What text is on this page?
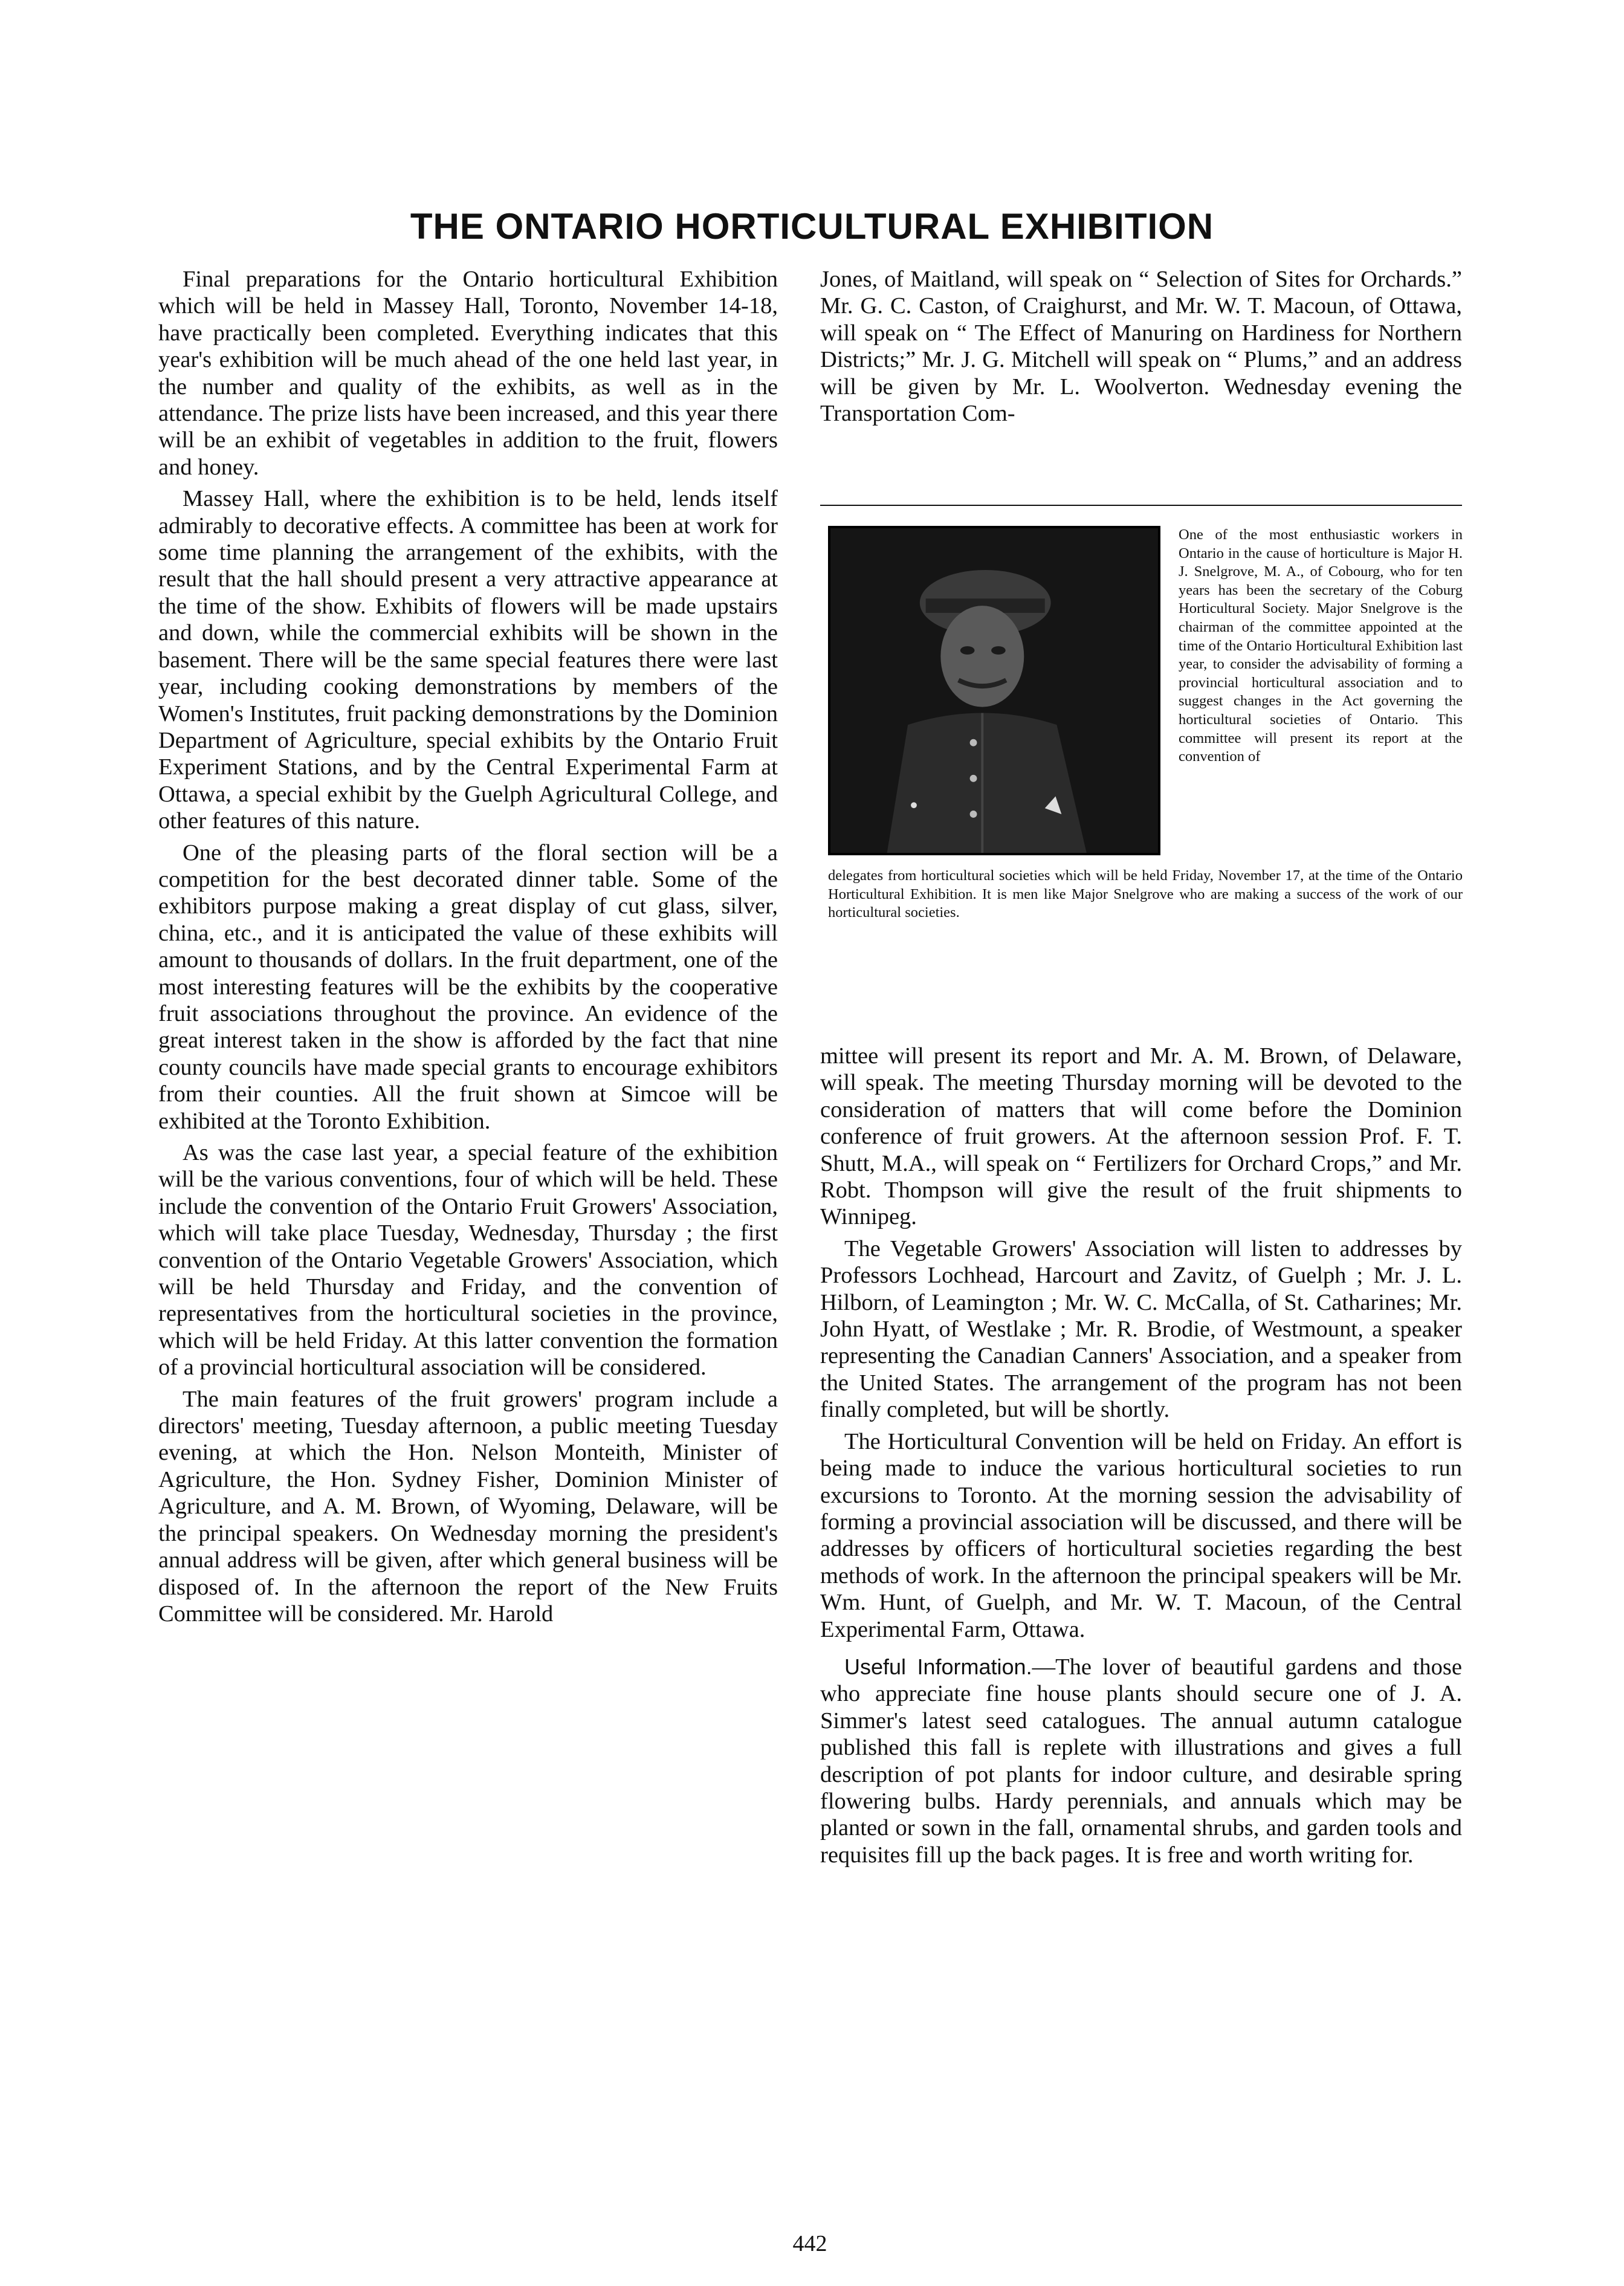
THE ONTARIO HORTICULTURAL EXHIBITION

Final preparations for the Ontario horticultural Exhibition which will be held in Massey Hall, Toronto, November 14-18, have practically been completed. Everything indicates that this year's exhibition will be much ahead of the one held last year, in the number and quality of the exhibits, as well as in the attendance. The prize lists have been increased, and this year there will be an exhibit of vegetables in addition to the fruit, flowers and honey.

Massey Hall, where the exhibition is to be held, lends itself admirably to decorative effects. A committee has been at work for some time planning the arrangement of the exhibits, with the result that the hall should present a very attractive appearance at the time of the show. Exhibits of flowers will be made upstairs and down, while the commercial exhibits will be shown in the basement. There will be the same special features there were last year, including cooking demonstrations by members of the Women's Institutes, fruit packing demonstrations by the Dominion Department of Agriculture, special exhibits by the Ontario Fruit Experiment Stations, and by the Central Experimental Farm at Ottawa, a special exhibit by the Guelph Agricultural College, and other features of this nature.

One of the pleasing parts of the floral section will be a competition for the best decorated dinner table. Some of the exhibitors purpose making a great display of cut glass, silver, china, etc., and it is anticipated the value of these exhibits will amount to thousands of dollars. In the fruit department, one of the most interesting features will be the exhibits by the cooperative fruit associations throughout the province. An evidence of the great interest taken in the show is afforded by the fact that nine county councils have made special grants to encourage exhibitors from their counties. All the fruit shown at Simcoe will be exhibited at the Toronto Exhibition.

As was the case last year, a special feature of the exhibition will be the various conventions, four of which will be held. These include the convention of the Ontario Fruit Growers' Association, which will take place Tuesday, Wednesday, Thursday ; the first convention of the Ontario Vegetable Growers' Association, which will be held Thursday and Friday, and the convention of representatives from the horticultural societies in the province, which will be held Friday. At this latter convention the formation of a provincial horticultural association will be considered.

The main features of the fruit growers' program include a directors' meeting, Tuesday afternoon, a public meeting Tuesday evening, at which the Hon. Nelson Monteith, Minister of Agriculture, the Hon. Sydney Fisher, Dominion Minister of Agriculture, and A. M. Brown, of Wyoming, Delaware, will be the principal speakers. On Wednesday morning the president's annual address will be given, after which general business will be disposed of. In the afternoon the report of the New Fruits Committee will be considered. Mr. Harold

Jones, of Maitland, will speak on “ Selection of Sites for Orchards.” Mr. G. C. Caston, of Craighurst, and Mr. W. T. Macoun, of Ottawa, will speak on “ The Effect of Manuring on Hardiness for Northern Districts;” Mr. J. G. Mitchell will speak on “ Plums,” and an address will be given by Mr. L. Woolverton. Wednesday evening the Transportation Com-

One of the most enthusiastic workers in Ontario in the cause of horticulture is Major H. J. Snelgrove, M. A., of Cobourg, who for ten years has been the secretary of the Coburg Horticultural Society. Major Snelgrove is the chairman of the committee appointed at the time of the Ontario Horticultural Exhibition last year, to consider the advisability of forming a provincial horticultural association and to suggest changes in the Act governing the horticultural societies of Ontario. This committee will present its report at the convention of
delegates from horticultural societies which will be held Friday, November 17, at the time of the Ontario Horticultural Exhibition. It is men like Major Snelgrove who are making a success of the work of our horticultural societies.

mittee will present its report and Mr. A. M. Brown, of Delaware, will speak. The meeting Thursday morning will be devoted to the consideration of matters that will come before the Dominion conference of fruit growers. At the afternoon session Prof. F. T. Shutt, M.A., will speak on “ Fertilizers for Orchard Crops,” and Mr. Robt. Thompson will give the result of the fruit shipments to Winnipeg.

The Vegetable Growers' Association will listen to addresses by Professors Lochhead, Harcourt and Zavitz, of Guelph ; Mr. J. L. Hilborn, of Leamington ; Mr. W. C. McCalla, of St. Catharines; Mr. John Hyatt, of Westlake ; Mr. R. Brodie, of Westmount, a speaker representing the Canadian Canners' Association, and a speaker from the United States. The arrangement of the program has not been finally completed, but will be shortly.

The Horticultural Convention will be held on Friday. An effort is being made to induce the various horticultural societies to run excursions to Toronto. At the morning session the advisability of forming a provincial association will be discussed, and there will be addresses by officers of horticultural societies regarding the best methods of work. In the afternoon the principal speakers will be Mr. Wm. Hunt, of Guelph, and Mr. W. T. Macoun, of the Central Experimental Farm, Ottawa.

Useful Information.—The lover of beautiful gardens and those who appreciate fine house plants should secure one of J. A. Simmer's latest seed catalogues. The annual autumn catalogue published this fall is replete with illustrations and gives a full description of pot plants for indoor culture, and desirable spring flowering bulbs. Hardy perennials, and annuals which may be planted or sown in the fall, ornamental shrubs, and garden tools and requisites fill up the back pages. It is free and worth writing for.

442
